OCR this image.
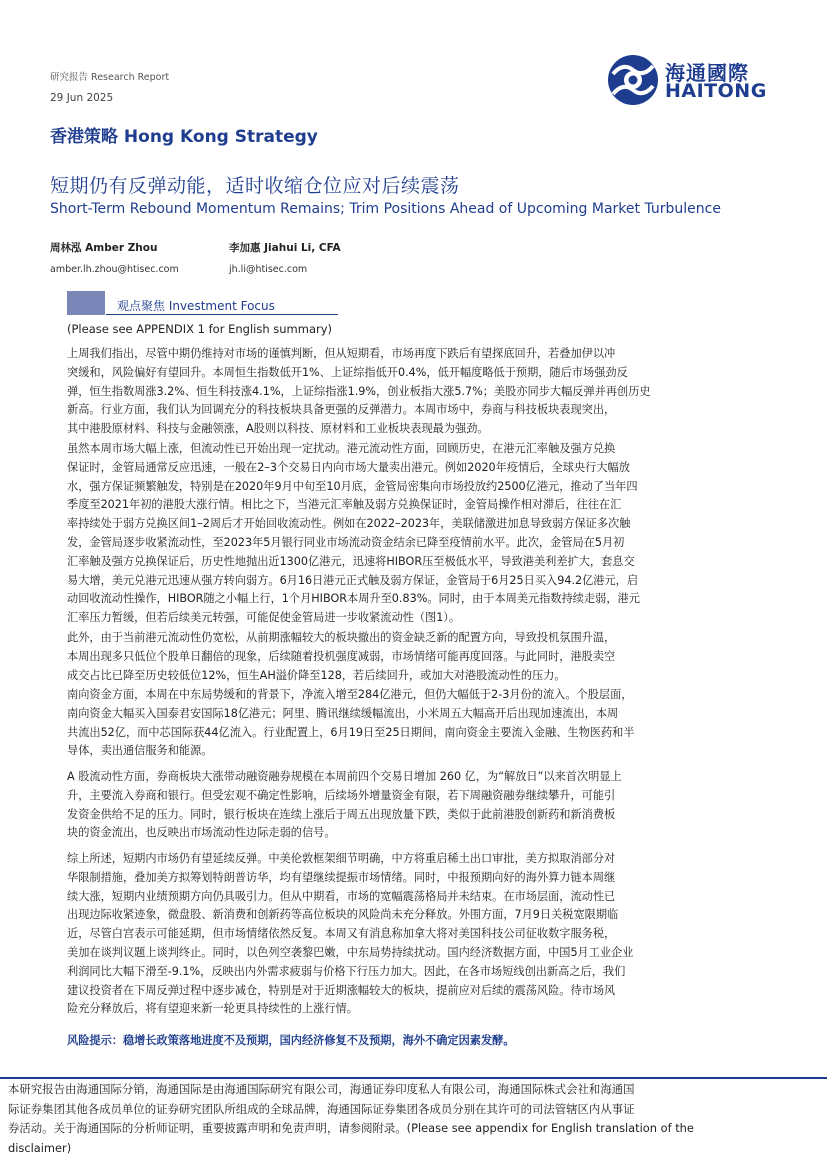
研究报告 Research Report
29 Jun 2025
海通國際
HAITONG
香港策略 Hong Kong Strategy
短期仍有反弹动能，适时收缩仓位应对后续震荡
Short-Term Rebound Momentum Remains; Trim Positions Ahead of Upcoming Market Turbulence
周林泓 Amber Zhou
amber.lh.zhou@htisec.com
李加惠 Jiahui Li, CFA
jh.li@htisec.com
观点聚焦 Investment Focus
(Please see APPENDIX 1 for English summary)
上周我们指出，尽管中期仍维持对市场的谨慎判断，但从短期看，市场再度下跌后有望探底回升，若叠加伊以冲
突缓和，风险偏好有望回升。本周恒生指数低开1%、上证综指低开0.4%，低开幅度略低于预期，随后市场强劲反
弹，恒生指数周涨3.2%、恒生科技涨4.1%，上证综指涨1.9%，创业板指大涨5.7%；美股亦同步大幅反弹并再创历史
新高。行业方面，我们认为回调充分的科技板块具备更强的反弹潜力。本周市场中，券商与科技板块表现突出，
其中港股原材料、科技与金融领涨，A股则以科技、原材料和工业板块表现最为强劲。
虽然本周市场大幅上涨，但流动性已开始出现一定扰动。港元流动性方面，回顾历史，在港元汇率触及强方兑换
保证时，金管局通常反应迅速，一般在2–3个交易日内向市场大量卖出港元。例如2020年疫情后，全球央行大幅放
水，强方保证频繁触发，特别是在2020年9月中旬至10月底，金管局密集向市场投放约2500亿港元，推动了当年四
季度至2021年初的港股大涨行情。相比之下，当港元汇率触及弱方兑换保证时，金管局操作相对滞后，往往在汇
率持续处于弱方兑换区间1–2周后才开始回收流动性。例如在2022–2023年，美联储激进加息导致弱方保证多次触
发，金管局逐步收紧流动性，至2023年5月银行同业市场流动资金结余已降至疫情前水平。此次，金管局在5月初
汇率触及强方兑换保证后，历史性地抛出近1300亿港元，迅速将HIBOR压至极低水平，导致港美利差扩大，套息交
易大增，美元兑港元迅速从强方转向弱方。6月16日港元正式触及弱方保证，金管局于6月25日买入94.2亿港元，启
动回收流动性操作，HIBOR随之小幅上行，1个月HIBOR本周升至0.83%。同时，由于本周美元指数持续走弱，港元
汇率压力暂缓，但若后续美元转强，可能促使金管局进一步收紧流动性（图1）。
此外，由于当前港元流动性仍宽松，从前期涨幅较大的板块撤出的资金缺乏新的配置方向，导致投机氛围升温，
本周出现多只低位个股单日翻倍的现象，后续随着投机强度减弱，市场情绪可能再度回落。与此同时，港股卖空
成交占比已降至历史较低位12%，恒生AH溢价降至128，若后续回升，或加大对港股流动性的压力。
南向资金方面，本周在中东局势缓和的背景下，净流入增至284亿港元，但仍大幅低于2-3月份的流入。个股层面，
南向资金大幅买入国泰君安国际18亿港元；阿里、腾讯继续缓幅流出，小米周五大幅高开后出现加速流出，本周
共流出52亿，而中芯国际获44亿流入。行业配置上，6月19日至25日期间，南向资金主要流入金融、生物医药和半
导体，卖出通信服务和能源。
A 股流动性方面，券商板块大涨带动融资融券规模在本周前四个交易日增加 260 亿，为“解放日”以来首次明显上
升，主要流入券商和银行。但受宏观不确定性影响，后续场外增量资金有限，若下周融资融券继续攀升，可能引
发资金供给不足的压力。同时，银行板块在连续上涨后于周五出现放量下跌，类似于此前港股创新药和新消费板
块的资金流出，也反映出市场流动性边际走弱的信号。
综上所述，短期内市场仍有望延续反弹。中美伦敦框架细节明确，中方将重启稀土出口审批，美方拟取消部分对
华限制措施，叠加美方拟筹划特朗普访华，均有望继续提振市场情绪。同时，中报预期向好的海外算力链本周继
续大涨，短期内业绩预期方向仍具吸引力。但从中期看，市场的宽幅震荡格局并未结束。在市场层面，流动性已
出现边际收紧迹象，微盘股、新消费和创新药等高位板块的风险尚未充分释放。外围方面，7月9日关税宽限期临
近，尽管白宫表示可能延期，但市场情绪依然反复。本周又有消息称加拿大将对美国科技公司征收数字服务税，
美加在谈判议题上谈判终止。同时，以色列空袭黎巴嫩，中东局势持续扰动。国内经济数据方面，中国5月工业企业
利润同比大幅下滑至-9.1%，反映出内外需求疲弱与价格下行压力加大。因此，在各市场短线创出新高之后，我们
建议投资者在下周反弹过程中逐步减仓，特别是对于近期涨幅较大的板块，提前应对后续的震荡风险。待市场风
险充分释放后，将有望迎来新一轮更具持续性的上涨行情。
风险提示：稳增长政策落地进度不及预期，国内经济修复不及预期，海外不确定因素发酵。
本研究报告由海通国际分销，海通国际是由海通国际研究有限公司，海通证券印度私人有限公司，海通国际株式会社和海通国
际证券集团其他各成员单位的证券研究团队所组成的全球品牌，海通国际证券集团各成员分别在其许可的司法管辖区内从事证
券活动。关于海通国际的分析师证明，重要披露声明和免责声明，请参阅附录。(Please see appendix for English translation of the
disclaimer)
